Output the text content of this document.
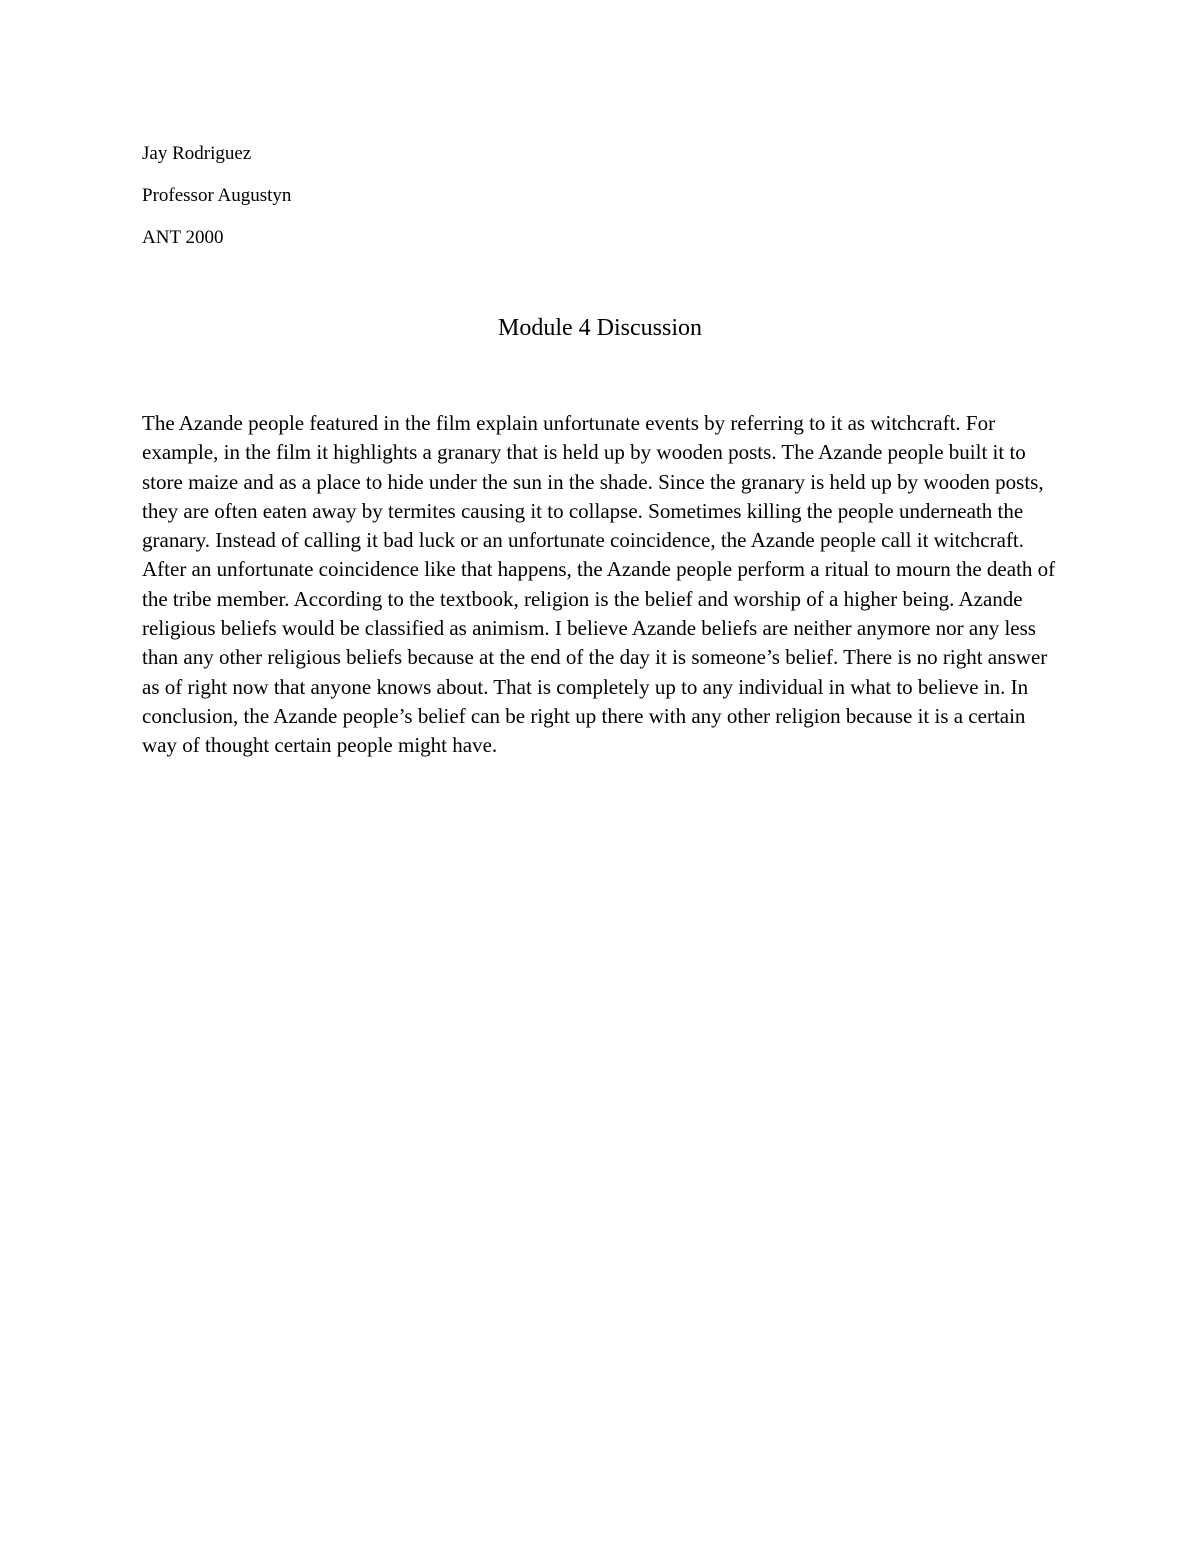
Jay Rodriguez
Professor Augustyn
ANT 2000
Module 4 Discussion

The Azande people featured in the film explain unfortunate events by referring to it as witchcraft. For example, in the film it highlights a granary that is held up by wooden posts. The Azande people built it to store maize and as a place to hide under the sun in the shade. Since the granary is held up by wooden posts, they are often eaten away by termites causing it to collapse. Sometimes killing the people underneath the granary. Instead of calling it bad luck or an unfortunate coincidence, the Azande people call it witchcraft. After an unfortunate coincidence like that happens, the Azande people perform a ritual to mourn the death of the tribe member. According to the textbook, religion is the belief and worship of a higher being. Azande religious beliefs would be classified as animism. I believe Azande beliefs are neither anymore nor any less than any other religious beliefs because at the end of the day it is someone’s belief. There is no right answer as of right now that anyone knows about. That is completely up to any individual in what to believe in. In conclusion, the Azande people’s belief can be right up there with any other religion because it is a certain way of thought certain people might have.
